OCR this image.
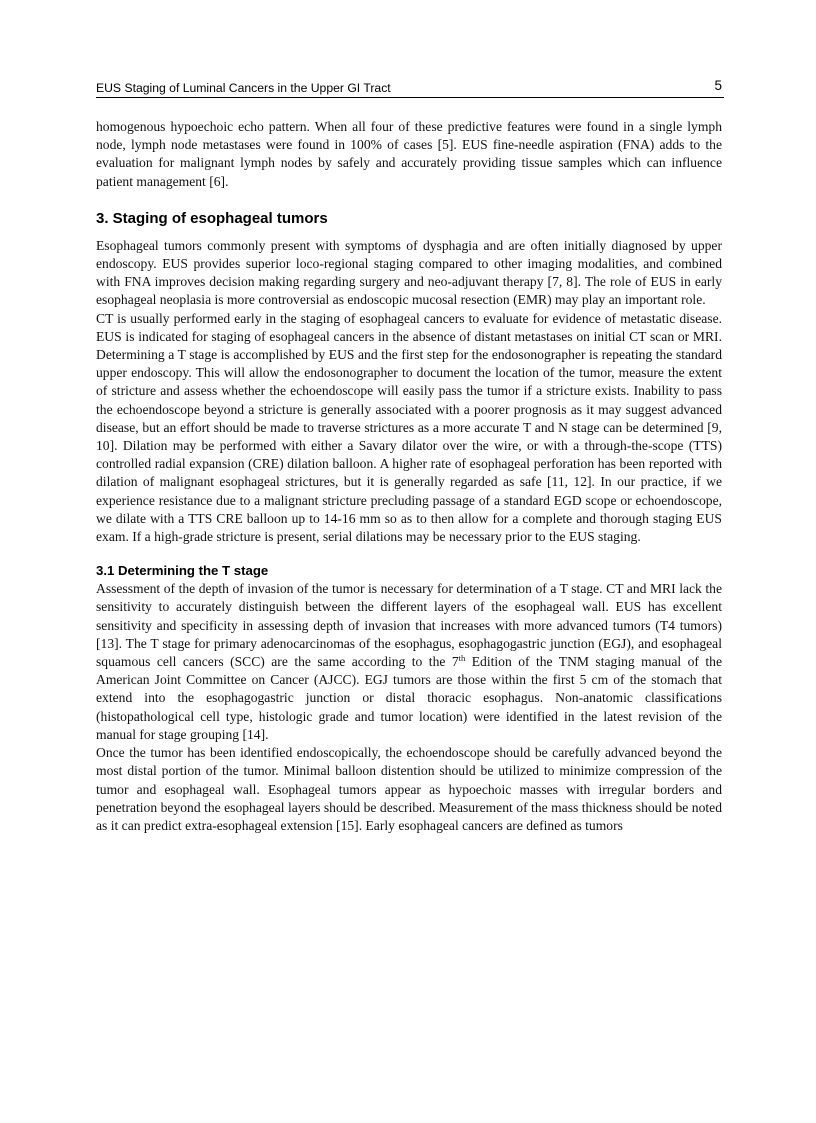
EUS Staging of Luminal Cancers in the Upper GI Tract	5

homogenous hypoechoic echo pattern. When all four of these predictive features were found in a single lymph node, lymph node metastases were found in 100% of cases [5]. EUS fine-needle aspiration (FNA) adds to the evaluation for malignant lymph nodes by safely and accurately providing tissue samples which can influence patient management [6].

3. Staging of esophageal tumors

Esophageal tumors commonly present with symptoms of dysphagia and are often initially diagnosed by upper endoscopy. EUS provides superior loco-regional staging compared to other imaging modalities, and combined with FNA improves decision making regarding surgery and neo-adjuvant therapy [7, 8]. The role of EUS in early esophageal neoplasia is more controversial as endoscopic mucosal resection (EMR) may play an important role.

CT is usually performed early in the staging of esophageal cancers to evaluate for evidence of metastatic disease. EUS is indicated for staging of esophageal cancers in the absence of distant metastases on initial CT scan or MRI. Determining a T stage is accomplished by EUS and the first step for the endosonographer is repeating the standard upper endoscopy. This will allow the endosonographer to document the location of the tumor, measure the extent of stricture and assess whether the echoendoscope will easily pass the tumor if a stricture exists. Inability to pass the echoendoscope beyond a stricture is generally associated with a poorer prognosis as it may suggest advanced disease, but an effort should be made to traverse strictures as a more accurate T and N stage can be determined [9, 10]. Dilation may be performed with either a Savary dilator over the wire, or with a through-the-scope (TTS) controlled radial expansion (CRE) dilation balloon. A higher rate of esophageal perforation has been reported with dilation of malignant esophageal strictures, but it is generally regarded as safe [11, 12]. In our practice, if we experience resistance due to a malignant stricture precluding passage of a standard EGD scope or echoendoscope, we dilate with a TTS CRE balloon up to 14-16 mm so as to then allow for a complete and thorough staging EUS exam. If a high-grade stricture is present, serial dilations may be necessary prior to the EUS staging.

3.1 Determining the T stage

Assessment of the depth of invasion of the tumor is necessary for determination of a T stage. CT and MRI lack the sensitivity to accurately distinguish between the different layers of the esophageal wall. EUS has excellent sensitivity and specificity in assessing depth of invasion that increases with more advanced tumors (T4 tumors) [13]. The T stage for primary adenocarcinomas of the esophagus, esophagogastric junction (EGJ), and esophageal squamous cell cancers (SCC) are the same according to the 7th Edition of the TNM staging manual of the American Joint Committee on Cancer (AJCC). EGJ tumors are those within the first 5 cm of the stomach that extend into the esophagogastric junction or distal thoracic esophagus. Non-anatomic classifications (histopathological cell type, histologic grade and tumor location) were identified in the latest revision of the manual for stage grouping [14].

Once the tumor has been identified endoscopically, the echoendoscope should be carefully advanced beyond the most distal portion of the tumor. Minimal balloon distention should be utilized to minimize compression of the tumor and esophageal wall. Esophageal tumors appear as hypoechoic masses with irregular borders and penetration beyond the esophageal layers should be described. Measurement of the mass thickness should be noted as it can predict extra-esophageal extension [15]. Early esophageal cancers are defined as tumors
